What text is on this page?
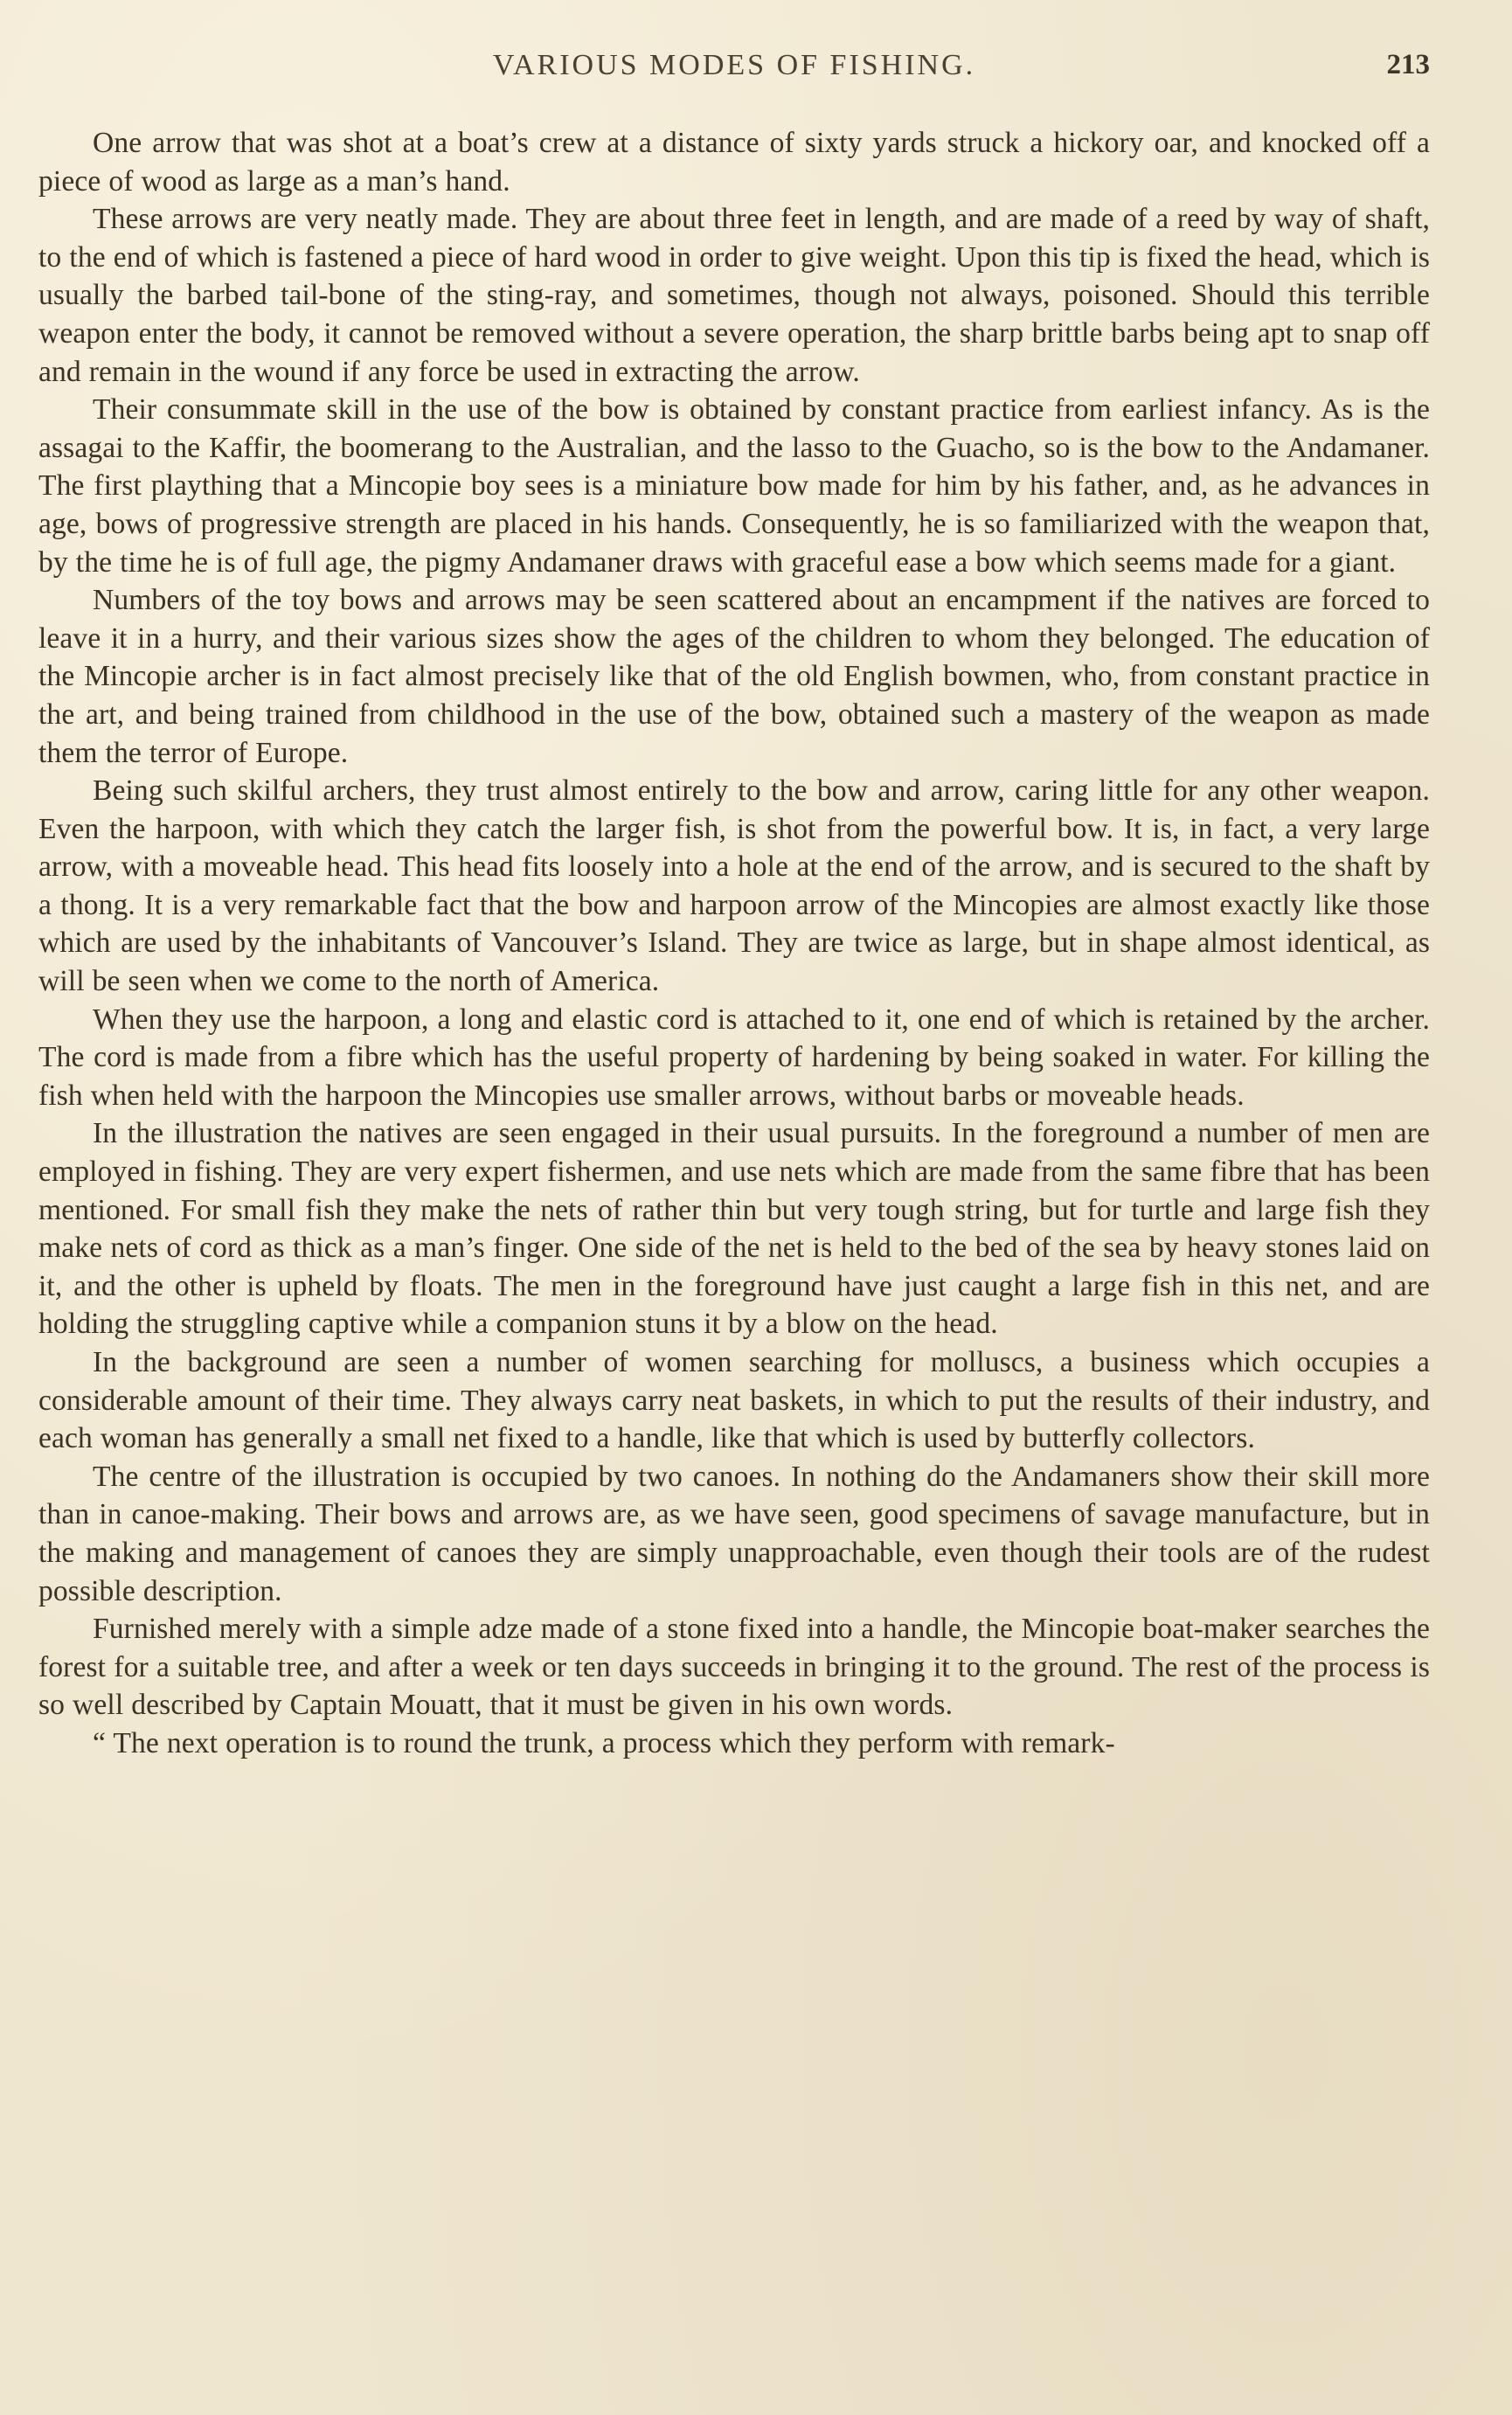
VARIOUS MODES OF FISHING.	213

One arrow that was shot at a boat’s crew at a distance of sixty yards struck a hickory oar, and knocked off a piece of wood as large as a man’s hand.

These arrows are very neatly made. They are about three feet in length, and are made of a reed by way of shaft, to the end of which is fastened a piece of hard wood in order to give weight. Upon this tip is fixed the head, which is usually the barbed tail-bone of the sting-ray, and sometimes, though not always, poisoned. Should this terrible weapon enter the body, it cannot be removed without a severe operation, the sharp brittle barbs being apt to snap off and remain in the wound if any force be used in extracting the arrow.

Their consummate skill in the use of the bow is obtained by constant practice from earliest infancy. As is the assagai to the Kaffir, the boomerang to the Australian, and the lasso to the Guacho, so is the bow to the Andamaner. The first plaything that a Mincopie boy sees is a miniature bow made for him by his father, and, as he advances in age, bows of progressive strength are placed in his hands. Consequently, he is so familiarized with the weapon that, by the time he is of full age, the pigmy Andamaner draws with graceful ease a bow which seems made for a giant.

Numbers of the toy bows and arrows may be seen scattered about an encampment if the natives are forced to leave it in a hurry, and their various sizes show the ages of the children to whom they belonged. The education of the Mincopie archer is in fact almost precisely like that of the old English bowmen, who, from constant practice in the art, and being trained from childhood in the use of the bow, obtained such a mastery of the weapon as made them the terror of Europe.

Being such skilful archers, they trust almost entirely to the bow and arrow, caring little for any other weapon. Even the harpoon, with which they catch the larger fish, is shot from the powerful bow. It is, in fact, a very large arrow, with a moveable head. This head fits loosely into a hole at the end of the arrow, and is secured to the shaft by a thong. It is a very remarkable fact that the bow and harpoon arrow of the Mincopies are almost exactly like those which are used by the inhabitants of Vancouver’s Island. They are twice as large, but in shape almost identical, as will be seen when we come to the north of America.

When they use the harpoon, a long and elastic cord is attached to it, one end of which is retained by the archer. The cord is made from a fibre which has the useful property of hardening by being soaked in water. For killing the fish when held with the harpoon the Mincopies use smaller arrows, without barbs or moveable heads.

In the illustration the natives are seen engaged in their usual pursuits. In the foreground a number of men are employed in fishing. They are very expert fishermen, and use nets which are made from the same fibre that has been mentioned. For small fish they make the nets of rather thin but very tough string, but for turtle and large fish they make nets of cord as thick as a man’s finger. One side of the net is held to the bed of the sea by heavy stones laid on it, and the other is upheld by floats. The men in the foreground have just caught a large fish in this net, and are holding the struggling captive while a companion stuns it by a blow on the head.

In the background are seen a number of women searching for molluscs, a business which occupies a considerable amount of their time. They always carry neat baskets, in which to put the results of their industry, and each woman has generally a small net fixed to a handle, like that which is used by butterfly collectors.

The centre of the illustration is occupied by two canoes. In nothing do the Andamaners show their skill more than in canoe-making. Their bows and arrows are, as we have seen, good specimens of savage manufacture, but in the making and management of canoes they are simply unapproachable, even though their tools are of the rudest possible description.

Furnished merely with a simple adze made of a stone fixed into a handle, the Mincopie boat-maker searches the forest for a suitable tree, and after a week or ten days succeeds in bringing it to the ground. The rest of the process is so well described by Captain Mouatt, that it must be given in his own words.

“ The next operation is to round the trunk, a process which they perform with remark-
